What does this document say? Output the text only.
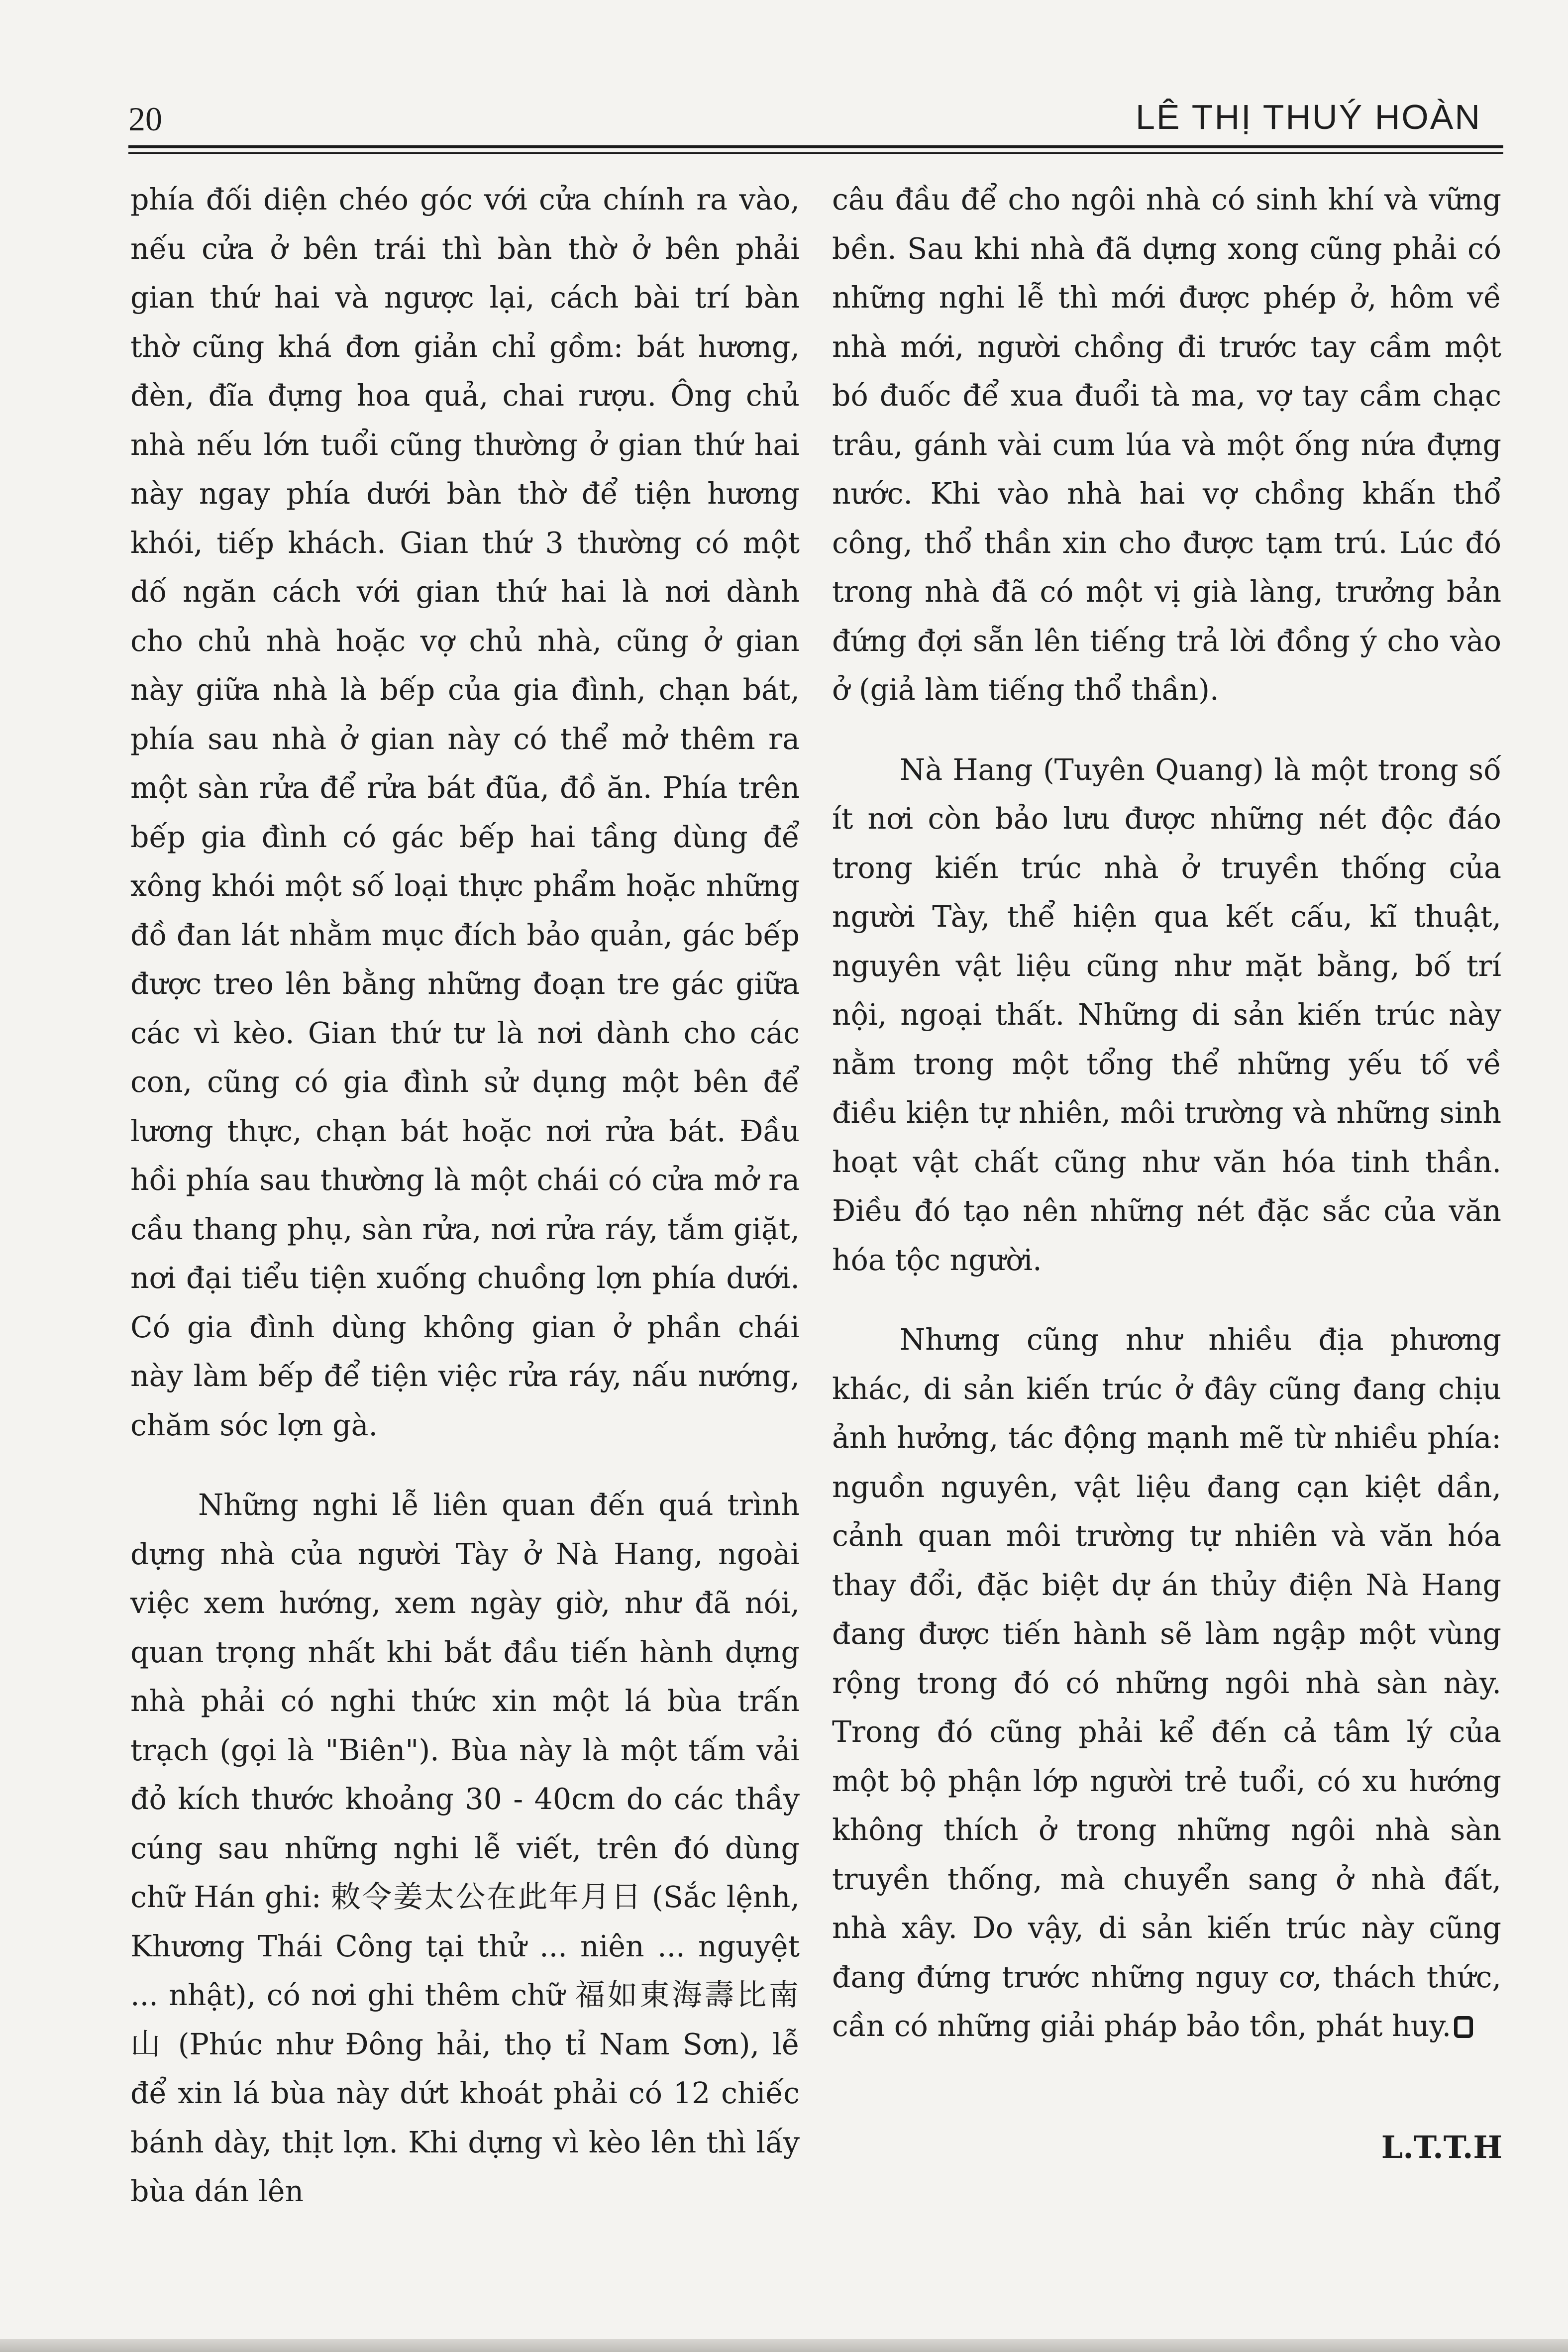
20	LÊ THỊ THUÝ HOÀN

phía đối diện chéo góc với cửa chính ra vào, nếu cửa ở bên trái thì bàn thờ ở bên phải gian thứ hai và ngược lại, cách bài trí bàn thờ cũng khá đơn giản chỉ gồm: bát hương, đèn, đĩa đựng hoa quả, chai rượu. Ông chủ nhà nếu lớn tuổi cũng thường ở gian thứ hai này ngay phía dưới bàn thờ để tiện hương khói, tiếp khách. Gian thứ 3 thường có một dố ngăn cách với gian thứ hai là nơi dành cho chủ nhà hoặc vợ chủ nhà, cũng ở gian này giữa nhà là bếp của gia đình, chạn bát, phía sau nhà ở gian này có thể mở thêm ra một sàn rửa để rửa bát đũa, đồ ăn. Phía trên bếp gia đình có gác bếp hai tầng dùng để xông khói một số loại thực phẩm hoặc những đồ đan lát nhằm mục đích bảo quản, gác bếp được treo lên bằng những đoạn tre gác giữa các vì kèo. Gian thứ tư là nơi dành cho các con, cũng có gia đình sử dụng một bên để lương thực, chạn bát hoặc nơi rửa bát. Đầu hồi phía sau thường là một chái có cửa mở ra cầu thang phụ, sàn rửa, nơi rửa ráy, tắm giặt, nơi đại tiểu tiện xuống chuồng lợn phía dưới. Có gia đình dùng không gian ở phần chái này làm bếp để tiện việc rửa ráy, nấu nướng, chăm sóc lợn gà.

Những nghi lễ liên quan đến quá trình dựng nhà của người Tày ở Nà Hang, ngoài việc xem hướng, xem ngày giờ, như đã nói, quan trọng nhất khi bắt đầu tiến hành dựng nhà phải có nghi thức xin một lá bùa trấn trạch (gọi là "Biên"). Bùa này là một tấm vải đỏ kích thước khoảng 30 - 40cm do các thầy cúng sau những nghi lễ viết, trên đó dùng chữ Hán ghi: 敕令姜太公在此年月日 (Sắc lệnh, Khương Thái Công tại thử ... niên ... nguyệt ... nhật), có nơi ghi thêm chữ 福如東海壽比南山 (Phúc như Đông hải, thọ tỉ Nam Sơn), lễ để xin lá bùa này dứt khoát phải có 12 chiếc bánh dày, thịt lợn. Khi dựng vì kèo lên thì lấy bùa dán lên

câu đầu để cho ngôi nhà có sinh khí và vững bền. Sau khi nhà đã dựng xong cũng phải có những nghi lễ thì mới được phép ở, hôm về nhà mới, người chồng đi trước tay cầm một bó đuốc để xua đuổi tà ma, vợ tay cầm chạc trâu, gánh vài cum lúa và một ống nứa đựng nước. Khi vào nhà hai vợ chồng khấn thổ công, thổ thần xin cho được tạm trú. Lúc đó trong nhà đã có một vị già làng, trưởng bản đứng đợi sẵn lên tiếng trả lời đồng ý cho vào ở (giả làm tiếng thổ thần).

Nà Hang (Tuyên Quang) là một trong số ít nơi còn bảo lưu được những nét độc đáo trong kiến trúc nhà ở truyền thống của người Tày, thể hiện qua kết cấu, kĩ thuật, nguyên vật liệu cũng như mặt bằng, bố trí nội, ngoại thất. Những di sản kiến trúc này nằm trong một tổng thể những yếu tố về điều kiện tự nhiên, môi trường và những sinh hoạt vật chất cũng như văn hóa tinh thần. Điều đó tạo nên những nét đặc sắc của văn hóa tộc người.

Nhưng cũng như nhiều địa phương khác, di sản kiến trúc ở đây cũng đang chịu ảnh hưởng, tác động mạnh mẽ từ nhiều phía: nguồn nguyên, vật liệu đang cạn kiệt dần, cảnh quan môi trường tự nhiên và văn hóa thay đổi, đặc biệt dự án thủy điện Nà Hang đang được tiến hành sẽ làm ngập một vùng rộng trong đó có những ngôi nhà sàn này. Trong đó cũng phải kể đến cả tâm lý của một bộ phận lớp người trẻ tuổi, có xu hướng không thích ở trong những ngôi nhà sàn truyền thống, mà chuyển sang ở nhà đất, nhà xây. Do vậy, di sản kiến trúc này cũng đang đứng trước những nguy cơ, thách thức, cần có những giải pháp bảo tồn, phát huy.

L.T.T.H
